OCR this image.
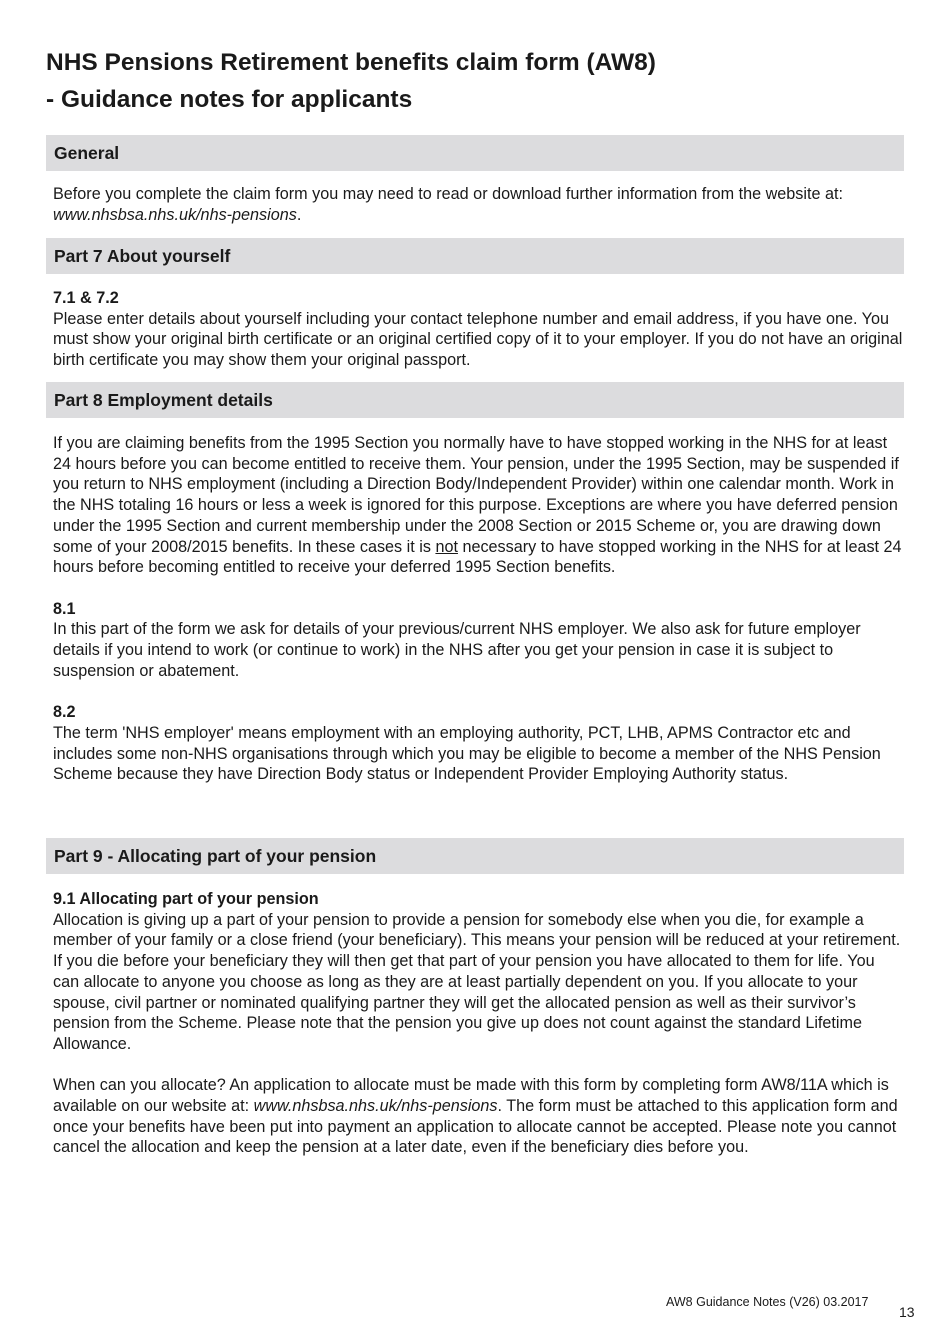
NHS Pensions Retirement benefits claim form (AW8)
- Guidance notes for applicants
General

Before you complete the claim form you may need to read or download further information from the website at: www.nhsbsa.nhs.uk/nhs-pensions.

Part 7 About yourself

7.1 & 7.2

Please enter details about yourself including your contact telephone number and email address, if you have one. You must show your original birth certificate or an original certified copy of it to your employer. If you do not have an original birth certificate you may show them your original passport.

Part 8 Employment details

If you are claiming benefits from the 1995 Section you normally have to have stopped working in the NHS for at least 24 hours before you can become entitled to receive them. Your pension, under the 1995 Section, may be suspended if you return to NHS employment (including a Direction Body/Independent Provider) within one calendar month. Work in the NHS totaling 16 hours or less a week is ignored for this purpose. Exceptions are where you have deferred pension under the 1995 Section and current membership under the 2008 Section or 2015 Scheme or, you are drawing down some of your 2008/2015 benefits. In these cases it is not necessary to have stopped working in the NHS for at least 24 hours before becoming entitled to receive your deferred 1995 Section benefits.

8.1

In this part of the form we ask for details of your previous/current NHS employer. We also ask for future employer details if you intend to work (or continue to work) in the NHS after you get your pension in case it is subject to suspension or abatement.

8.2

The term 'NHS employer' means employment with an employing authority, PCT, LHB, APMS Contractor etc and includes some non-NHS organisations through which you may be eligible to become a member of the NHS Pension Scheme because they have Direction Body status or Independent Provider Employing Authority status.

Part 9 - Allocating part of your pension

9.1 Allocating part of your pension

Allocation is giving up a part of your pension to provide a pension for somebody else when you die, for example a member of your family or a close friend (your beneficiary). This means your pension will be reduced at your retirement. If you die before your beneficiary they will then get that part of your pension you have allocated to them for life. You can allocate to anyone you choose as long as they are at least partially dependent on you. If you allocate to your spouse, civil partner or nominated qualifying partner they will get the allocated pension as well as their survivor’s pension from the Scheme. Please note that the pension you give up does not count against the standard Lifetime Allowance.

When can you allocate? An application to allocate must be made with this form by completing form AW8/11A which is available on our website at: www.nhsbsa.nhs.uk/nhs-pensions. The form must be attached to this application form and once your benefits have been put into payment an application to allocate cannot be accepted. Please note you cannot cancel the allocation and keep the pension at a later date, even if the beneficiary dies before you.

AW8 Guidance Notes (V26) 03.2017
13
